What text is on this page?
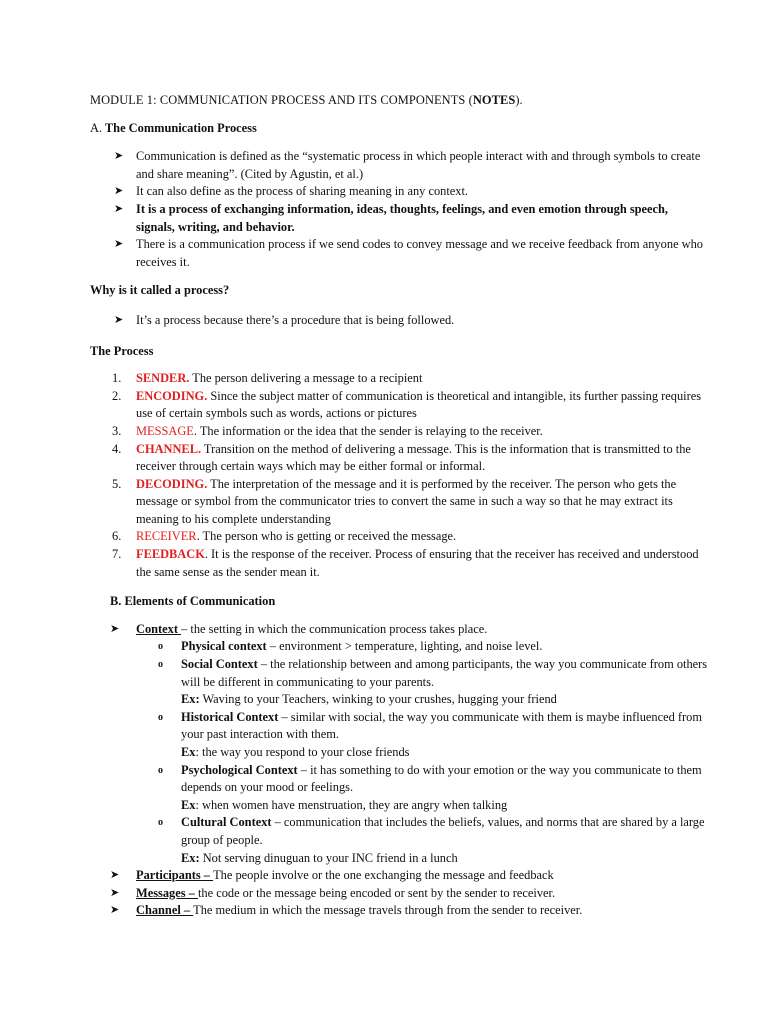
MODULE 1: COMMUNICATION PROCESS AND ITS COMPONENTS (NOTES).

A. The Communication Process

➤ Communication is defined as the “systematic process in which people interact with and through symbols to create and share meaning”. (Cited by Agustin, et al.)
➤ It can also define as the process of sharing meaning in any context.
➤ It is a process of exchanging information, ideas, thoughts, feelings, and even emotion through speech, signals, writing, and behavior.
➤ There is a communication process if we send codes to convey message and we receive feedback from anyone who receives it.

Why is it called a process?

➤ It’s a process because there’s a procedure that is being followed.

The Process

1. SENDER. The person delivering a message to a recipient
2. ENCODING. Since the subject matter of communication is theoretical and intangible, its further passing requires use of certain symbols such as words, actions or pictures
3. MESSAGE. The information or the idea that the sender is relaying to the receiver.
4. CHANNEL. Transition on the method of delivering a message. This is the information that is transmitted to the receiver through certain ways which may be either formal or informal.
5. DECODING. The interpretation of the message and it is performed by the receiver. The person who gets the message or symbol from the communicator tries to convert the same in such a way so that he may extract its meaning to his complete understanding
6. RECEIVER. The person who is getting or received the message.
7. FEEDBACK. It is the response of the receiver. Process of ensuring that the receiver has received and understood the same sense as the sender mean it.

B. Elements of Communication

➤ Context – the setting in which the communication process takes place.
o Physical context – environment > temperature, lighting, and noise level.
o Social Context – the relationship between and among participants, the way you communicate from others will be different in communicating to your parents.
Ex: Waving to your Teachers, winking to your crushes, hugging your friend
o Historical Context – similar with social, the way you communicate with them is maybe influenced from your past interaction with them.
Ex: the way you respond to your close friends
o Psychological Context – it has something to do with your emotion or the way you communicate to them depends on your mood or feelings.
Ex: when women have menstruation, they are angry when talking
o Cultural Context – communication that includes the beliefs, values, and norms that are shared by a large group of people.
Ex: Not serving dinuguan to your INC friend in a lunch
➤ Participants – The people involve or the one exchanging the message and feedback
➤ Messages – the code or the message being encoded or sent by the sender to receiver.
➤ Channel – The medium in which the message travels through from the sender to receiver.
